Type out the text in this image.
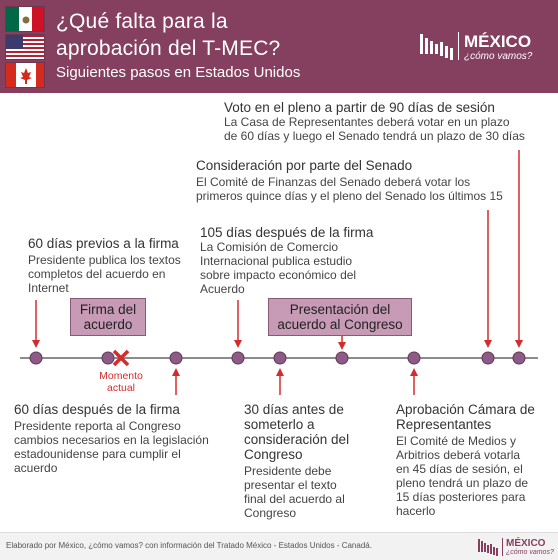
¿Qué falta para la
aprobación del T-MEC?
Siguientes pasos en Estados Unidos
MÉXICO
¿cómo vamos?
Voto en el pleno a partir de 90 días de sesión
La Casa de Representantes deberá votar en un plazo
de 60 días y luego el Senado tendrá un plazo de 30 días
Consideración por parte del Senado
El Comité de Finanzas del Senado deberá votar los
primeros quince días y el pleno del Senado los últimos 15
105 días después de la firma
La Comisión de Comercio
Internacional publica estudio
sobre impacto económico del
Acuerdo
60 días previos a la firma
Presidente publica los textos
completos del acuerdo en
Internet
Firma del
acuerdo
Presentación del
acuerdo al Congreso
Momento
actual
60 días después de la firma
Presidente reporta al Congreso
cambios necesarios en la legislación
estadounidense para cumplir el
acuerdo
30 días antes de
someterlo a
consideración del
Congreso
Presidente debe
presentar el texto
final del acuerdo al
Congreso
Aprobación Cámara de
Representantes
El Comité de Medios y
Arbitrios deberá votarla
en 45 días de sesión, el
pleno tendrá un plazo de
15 días posteriores para
hacerlo
Elaborado por México, ¿cómo vamos? con información del Tratado México - Estados Unidos - Canadá.	MÉXICO
¿cómo vamos?
